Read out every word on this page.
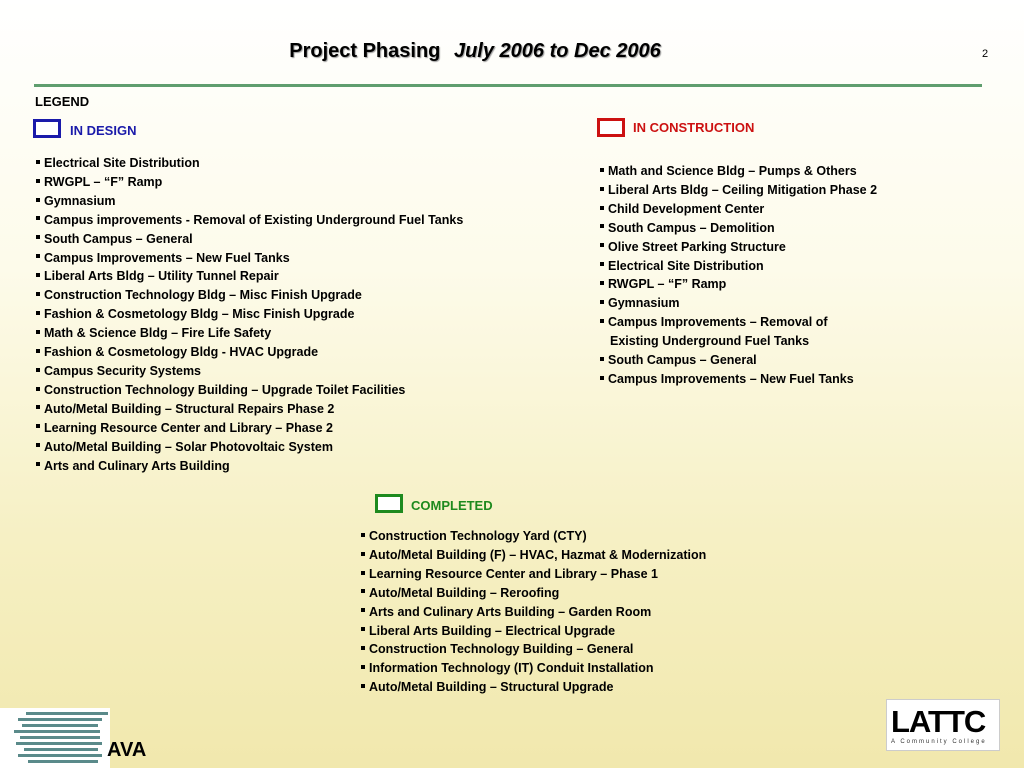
Project Phasing July 2006 to Dec 2006	2
LEGEND
IN DESIGN
Electrical Site Distribution
RWGPL – “F” Ramp
Gymnasium
Campus improvements - Removal of Existing Underground Fuel Tanks
South Campus – General
Campus Improvements – New Fuel Tanks
Liberal Arts Bldg – Utility Tunnel Repair
Construction Technology Bldg – Misc Finish Upgrade
Fashion & Cosmetology Bldg – Misc Finish Upgrade
Math & Science Bldg – Fire Life Safety
Fashion & Cosmetology Bldg - HVAC Upgrade
Campus Security Systems
Construction Technology Building – Upgrade Toilet Facilities
Auto/Metal Building – Structural Repairs Phase 2
Learning Resource Center and Library – Phase 2
Auto/Metal Building – Solar Photovoltaic System
Arts and Culinary Arts Building
IN CONSTRUCTION
Math and Science Bldg – Pumps & Others
Liberal Arts Bldg – Ceiling Mitigation Phase 2
Child Development Center
South Campus – Demolition
Olive Street Parking Structure
Electrical Site Distribution
RWGPL – “F” Ramp
Gymnasium
Campus Improvements – Removal of
Existing Underground Fuel Tanks
South Campus – General
Campus Improvements – New Fuel Tanks
COMPLETED
Construction Technology Yard (CTY)
Auto/Metal Building (F) – HVAC, Hazmat & Modernization
Learning Resource Center and Library – Phase 1
Auto/Metal Building – Reroofing
Arts and Culinary Arts Building – Garden Room
Liberal Arts Building – Electrical Upgrade
Construction Technology Building – General
Information Technology (IT) Conduit Installation
Auto/Metal Building – Structural Upgrade
AVA
LATTC
A Community College
